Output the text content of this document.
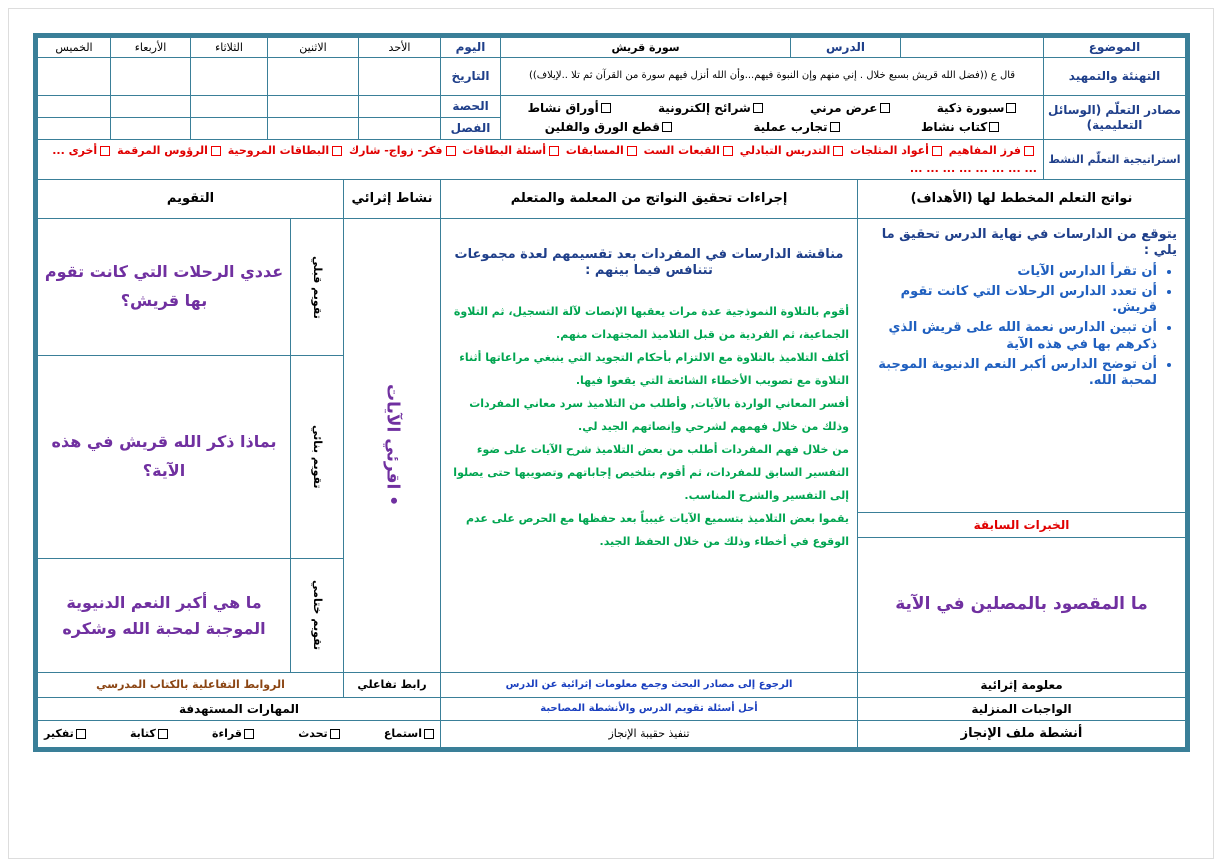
الموضوع
الدرس
سورة قريش
التهنئة والتمهيد
قال ع ((فضل الله قريش بسبع خلال . إني منهم وإن النبوة فيهم...وأن الله أنزل فيهم سورة من القرآن ثم تلا ..لإيلاف))
مصادر التعلّم (الوسائل التعليمية)
سبورة ذكية
عرض مرني
شرائح إلكترونية
أوراق نشاط
كتاب نشاط
تجارب عملية
قطع الورق والفلين
اليوم
التاريخ
الحصة
الفصل
الأحد
الاثنين
الثلاثاء
الأربعاء
الخميس
استراتيجية التعلّم النشط
فرز المفاهيم أعواد المثلجات التدريس التبادلي القبعات الست المسابقات أسئلة البطاقات فكر- زواج- شارك البطاقات المروحية الرؤوس المرقمة أخرى ... ... ... ... ... ... ... ... ...
نواتج التعلم المخطط لها (الأهداف)
إجراءات تحقيق النواتج من المعلمة والمتعلم
نشاط إثرائي
التقويم
يتوقع من الدارسات في نهاية الدرس تحقيق ما يلي :
• أن تقرأ الدارس الآيات
• أن تعدد الدارس الرحلات التي كانت تقوم قريش.
• أن تبين الدارس نعمة الله على قريش الذي ذكرهم بها في هذه الآية
• أن توضح الدارس أكبر النعم الدنيوية الموجبة لمحبة الله.
الخبرات السابقة
ما المقصود بالمصلين في الآية
مناقشة الدارسات في المفردات بعد تقسيمهم لعدة مجموعات تتنافس فيما بينهم :
أقوم بالتلاوة النموذجية عدة مرات يعقبها الإنصات لآلة التسجيل، ثم التلاوة الجماعية، ثم الفردية من قبل التلاميذ المجتهدات منهم.
أكلف التلاميذ بالتلاوة مع الالتزام بأحكام التجويد التي ينبغي مراعاتها أثناء التلاوة مع تصويب الأخطاء الشائعة التي يقعوا فيها.
أفسر المعاني الواردة بالآيات, وأطلب من التلاميذ سرد معاني المفردات وذلك من خلال فهمهم لشرحي وإنصاتهم الجيد لي.
من خلال فهم المفردات أطلب من بعض التلاميذ شرح الآيات على ضوء التفسير السابق للمفردات، ثم أقوم بتلخيص إجاباتهم وتصويبها حتى يصلوا إلى التفسير والشرح المناسب.
يقموا بعض التلاميذ بتسميع الآيات غيبياً بعد حفظها مع الحرص على عدم الوقوع في أخطاء وذلك من خلال الحفظ الجيد.
• اقرئي الآيات
تقويم قبلي
عددي الرحلات التي كانت تقوم بها قريش؟
تقويم بنائي
بماذا ذكر الله قريش في هذه الآية؟
تقويم ختامي
ما هي أكبر النعم الدنيوية الموجبة لمحبة الله وشكره
معلومة إثرائية
الرجوع إلى مصادر البحث وجمع معلومات إثرائية عن الدرس
رابط تفاعلي
الروابط التفاعلية بالكتاب المدرسي
الواجبات المنزلية
أحل أسئلة تقويم الدرس والأنشطة المصاحبة
المهارات المستهدفة
أنشطة ملف الإنجاز
تنفيذ حقيبة الإنجاز
استماع
تحدث
قراءة
كتابة
تفكير
